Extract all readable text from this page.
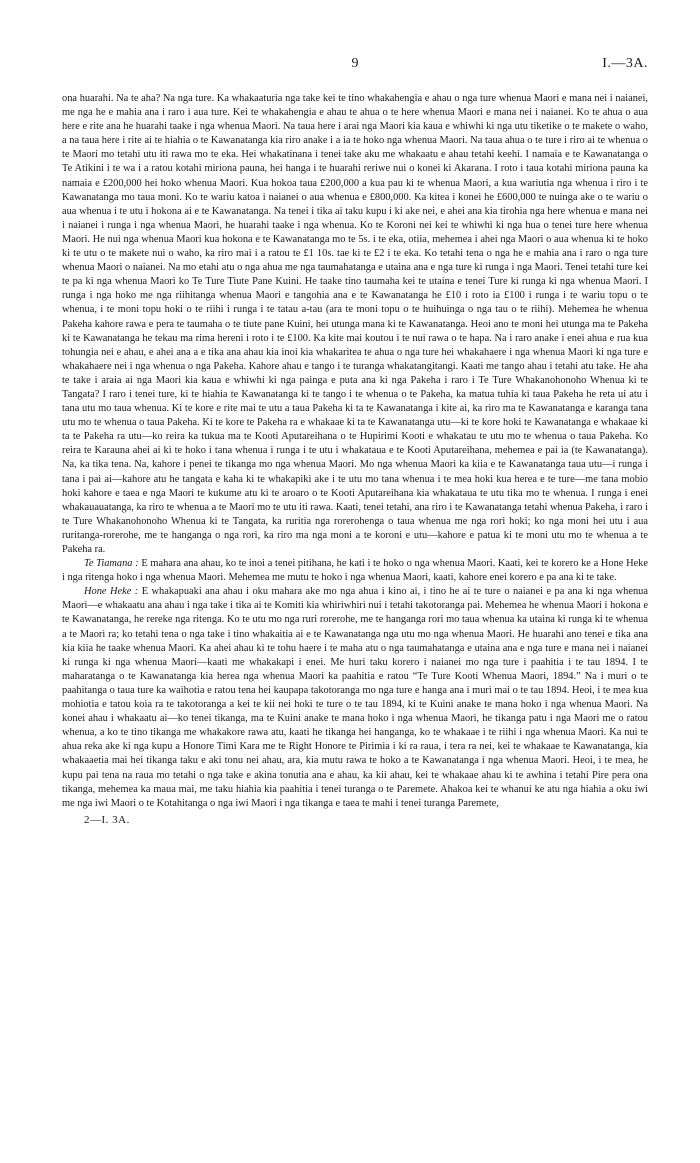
9	I.—3A.

ona huarahi. Na te aha? Na nga ture. Ka whakaaturia nga take kei te tino whakahengia e ahau o nga ture whenua Maori e mana nei i naianei, me nga he e mahia ana i raro i aua ture. Kei te whakahengia e ahau te ahua o te here whenua Maori e mana nei i naianei. Ko te ahua o aua here e rite ana he huarahi taake i nga whenua Maori. Na taua here i arai nga Maori kia kaua e whiwhi ki nga utu tiketike o te makete o waho, a na taua here i rite ai te hiahia o te Kawanatanga kia riro anake i a ia te hoko nga whenua Maori. Na taua ahua o te ture i riro ai te whenua o te Maori mo tetahi utu iti rawa mo te eka. Hei whakatinana i tenei take aku me whakaatu e ahau tetahi keehi. I namaia e te Kawanatanga o Te Atikini i te wa i a ratou kotahi miriona pauna, hei hanga i te huarahi reriwe nui o konei ki Akarana. I roto i taua kotahi miriona pauna ka namaia e £200,000 hei hoko whenua Maori. Kua hokoa taua £200,000 a kua pau ki te whenua Maori, a kua wariutia nga whenua i riro i te Kawanatanga mo taua moni. Ko te wariu katoa i naianei o aua whenua e £800,000. Ka kitea i konei he £600,000 te nuinga ake o te wariu o aua whenua i te utu i hokona ai e te Kawanatanga. Na tenei i tika ai taku kupu i ki ake nei, e ahei ana kia tirohia nga here whenua e mana nei i naianei i runga i nga whenua Maori, he huarahi taake i nga whenua. Ko te Koroni nei kei te whiwhi ki nga hua o tenei ture here whenua Maori. He nui nga whenua Maori kua hokona e te Kawanatanga mo te 5s. i te eka, otiia, mehemea i ahei nga Maori o aua whenua ki te hoko ki te utu o te makete nui o waho, ka riro mai i a ratou te £1 10s. tae ki te £2 i te eka. Ko tetahi tena o nga he e mahia ana i raro o nga ture whenua Maori o naianei. Na mo etahi atu o nga ahua me nga taumahatanga e utaina ana e nga ture ki runga i nga Maori. Tenei tetahi ture kei te pa ki nga whenua Maori ko Te Ture Tiute Pane Kuini. He taake tino taumaha kei te utaina e tenei Ture ki runga ki nga whenua Maori. I runga i nga hoko me nga riihitanga whenua Maori e tangohia ana e te Kawanatanga he £10 i roto ia £100 i runga i te wariu topu o te whenua, i te moni topu hoki o te riihi i runga i te tatau a-tau (ara te moni topu o te huihuinga o nga tau o te riihi). Mehemea he whenua Pakeha kahore rawa e pera te taumaha o te tiute pane Kuini, hei utunga mana ki te Kawanatanga. Heoi ano te moni hei utunga ma te Pakeha ki te Kawanatanga he tekau ma rima hereni i roto i te £100. Ka kite mai koutou i te nui rawa o te hapa. Na i raro anake i enei ahua e rua kua tohungia nei e ahau, e ahei ana a e tika ana ahau kia inoi kia whakaritea te ahua o nga ture hei whakahaere i nga whenua Maori ki nga ture e whakahaere nei i nga whenua o nga Pakeha. Kahore ahau e tango i te turanga whakatangitangi. Kaati me tango ahau i tetahi atu take. He aha te take i araia ai nga Maori kia kaua e whiwhi ki nga painga e puta ana ki nga Pakeha i raro i Te Ture Whakanohonoho Whenua ki te Tangata? I raro i tenei ture, ki te hiahia te Kawanatanga ki te tango i te whenua o te Pakeha, ka matua tuhia ki taua Pakeha he reta ui atu i tana utu mo taua whenua. Ki te kore e rite mai te utu a taua Pakeha ki ta te Kawanatanga i kite ai, ka riro ma te Kawanatanga e karanga tana utu mo te whenua o taua Pakeha. Ki te kore te Pakeha ra e whakaae ki ta te Kawanatanga utu—ki te kore hoki te Kawanatanga e whakaae ki ta te Pakeha ra utu—ko reira ka tukua ma te Kooti Aputareihana o te Hupirimi Kooti e whakatau te utu mo te whenua o taua Pakeha. Ko reira te Karauna ahei ai ki te hoko i tana whenua i runga i te utu i whakataua e te Kooti Aputareihana, mehemea e pai ia (te Kawanatanga). Na, ka tika tena. Na, kahore i penei te tikanga mo nga whenua Maori. Mo nga whenua Maori ka kiia e te Kawanatanga taua utu—i runga i tana i pai ai—kahore atu he tangata e kaha ki te whakapiki ake i te utu mo tana whenua i te mea hoki kua herea e te ture—me tana mobio hoki kahore e taea e nga Maori te kukume atu ki te aroaro o te Kooti Aputareihana kia whakataua te utu tika mo te whenua. I runga i enei whakauauatanga, ka riro te whenua a te Maori mo te utu iti rawa. Kaati, tenei tetahi, ana riro i te Kawanatanga tetahi whenua Pakeha, i raro i te Ture Whakanohonoho Whenua ki te Tangata, ka ruritia nga rorerohenga o taua whenua me nga rori hoki; ko nga moni hei utu i aua ruritanga-rorerohe, me te hanganga o nga rori, ka riro ma nga moni a te koroni e utu—kahore e patua ki te moni utu mo te whenua a te Pakeha ra.

Te Tiamana : E mahara ana ahau, ko te inoi a tenei pitihana, he kati i te hoko o nga whenua Maori. Kaati, kei te korero ke a Hone Heke i nga ritenga hoko i nga whenua Maori. Mehemea me mutu te hoko i nga whenua Maori, kaati, kahore enei korero e pa ana ki te take.

Hone Heke : E whakapuaki ana ahau i oku mahara ake mo nga ahua i kino ai, i tino he ai te ture o naianei e pa ana ki nga whenua Maori—e whakaatu ana ahau i nga take i tika ai te Komiti kia whiriwhiri nui i tetahi takotoranga pai. Mehemea he whenua Maori i hokona e te Kawanatanga, he rereke nga ritenga. Ko te utu mo nga ruri rorerohe, me te hanganga rori mo taua whenua ka utaina ki runga ki te whenua a te Maori ra; ko tetahi tena o nga take i tino whakaitia ai e te Kawanatanga nga utu mo nga whenua Maori. He huarahi ano tenei e tika ana kia kiia he taake whenua Maori. Ka ahei ahau ki te tohu haere i te maha atu o nga taumahatanga e utaina ana e nga ture e mana nei i naianei ki runga ki nga whenua Maori—kaati me whakakapi i enei. Me huri taku korero i naianei mo nga ture i paahitia i te tau 1894. I te maharatanga o te Kawanatanga kia herea nga whenua Maori ka paahitia e ratou “Te Ture Kooti Whenua Maori, 1894.” Na i muri o te paahitanga o taua ture ka waihotia e ratou tena hei kaupapa takotoranga mo nga ture e hanga ana i muri mai o te tau 1894. Heoi, i te mea kua mohiotia e tatou koia ra te takotoranga a kei te kii nei hoki te ture o te tau 1894, ki te Kuini anake te mana hoko i nga whenua Maori. Na konei ahau i whakaatu ai—ko tenei tikanga, ma te Kuini anake te mana hoko i nga whenua Maori, he tikanga patu i nga Maori me o ratou whenua, a ko te tino tikanga me whakakore rawa atu, kaati he tikanga hei hanganga, ko te whakaae i te riihi i nga whenua Maori. Ka nui te ahua reka ake ki nga kupu a Honore Timi Kara me te Right Honore te Pirimia i ki ra raua, i tera ra nei, kei te whakaae te Kawanatanga, kia whakaaetia mai hei tikanga taku e aki tonu nei ahau, ara, kia mutu rawa te hoko a te Kawanatanga i nga whenua Maori. Heoi, i te mea, he kupu pai tena na raua mo tetahi o nga take e akina tonutia ana e ahau, ka kii ahau, kei te whakaae ahau ki te awhina i tetahi Pire pera ona tikanga, mehemea ka maua mai, me taku hiahia kia paahitia i tenei turanga o te Paremete. Ahakoa kei te whanui ke atu nga hiahia a oku iwi me nga iwi Maori o te Kotahitanga o nga iwi Maori i nga tikanga e taea te mahi i tenei turanga Paremete,

2—I. 3A.
